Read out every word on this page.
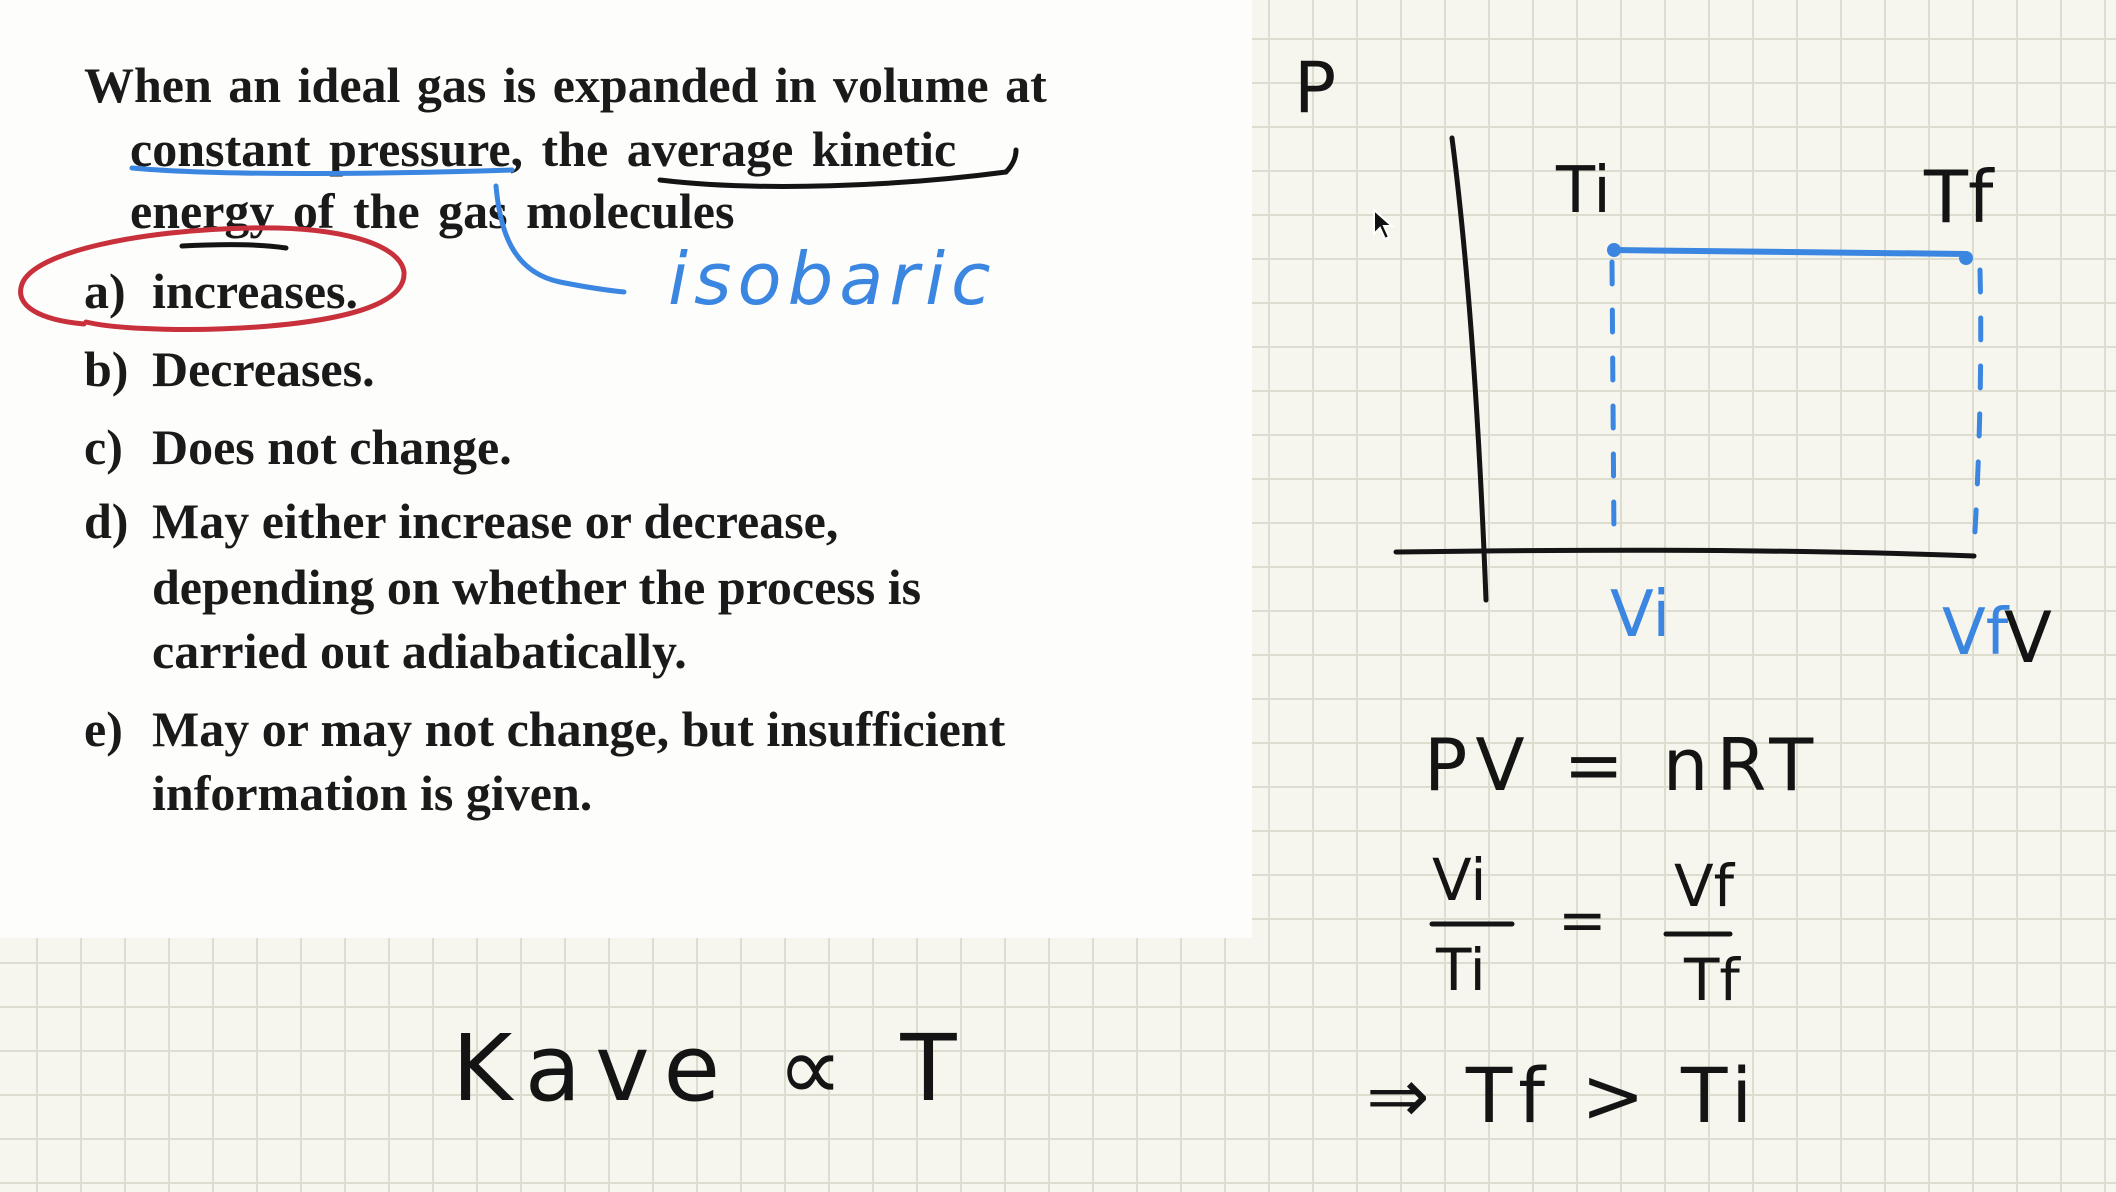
When an ideal gas is expanded in volume at

constant pressure, the average kinetic

energy of the gas molecules

a) increases.

b) Decreases.

c) Does not change.

d) May either increase or decrease,

depending on whether the process is

carried out adiabatically.

e) May or may not change, but insufficient

information is given.

isobaric
P
V
Ti	Tf
Vi	Vf
PV = nRT
Vi
Ti
= Vf
Tf
⇒ Tf > Ti
Kave ∝ T
